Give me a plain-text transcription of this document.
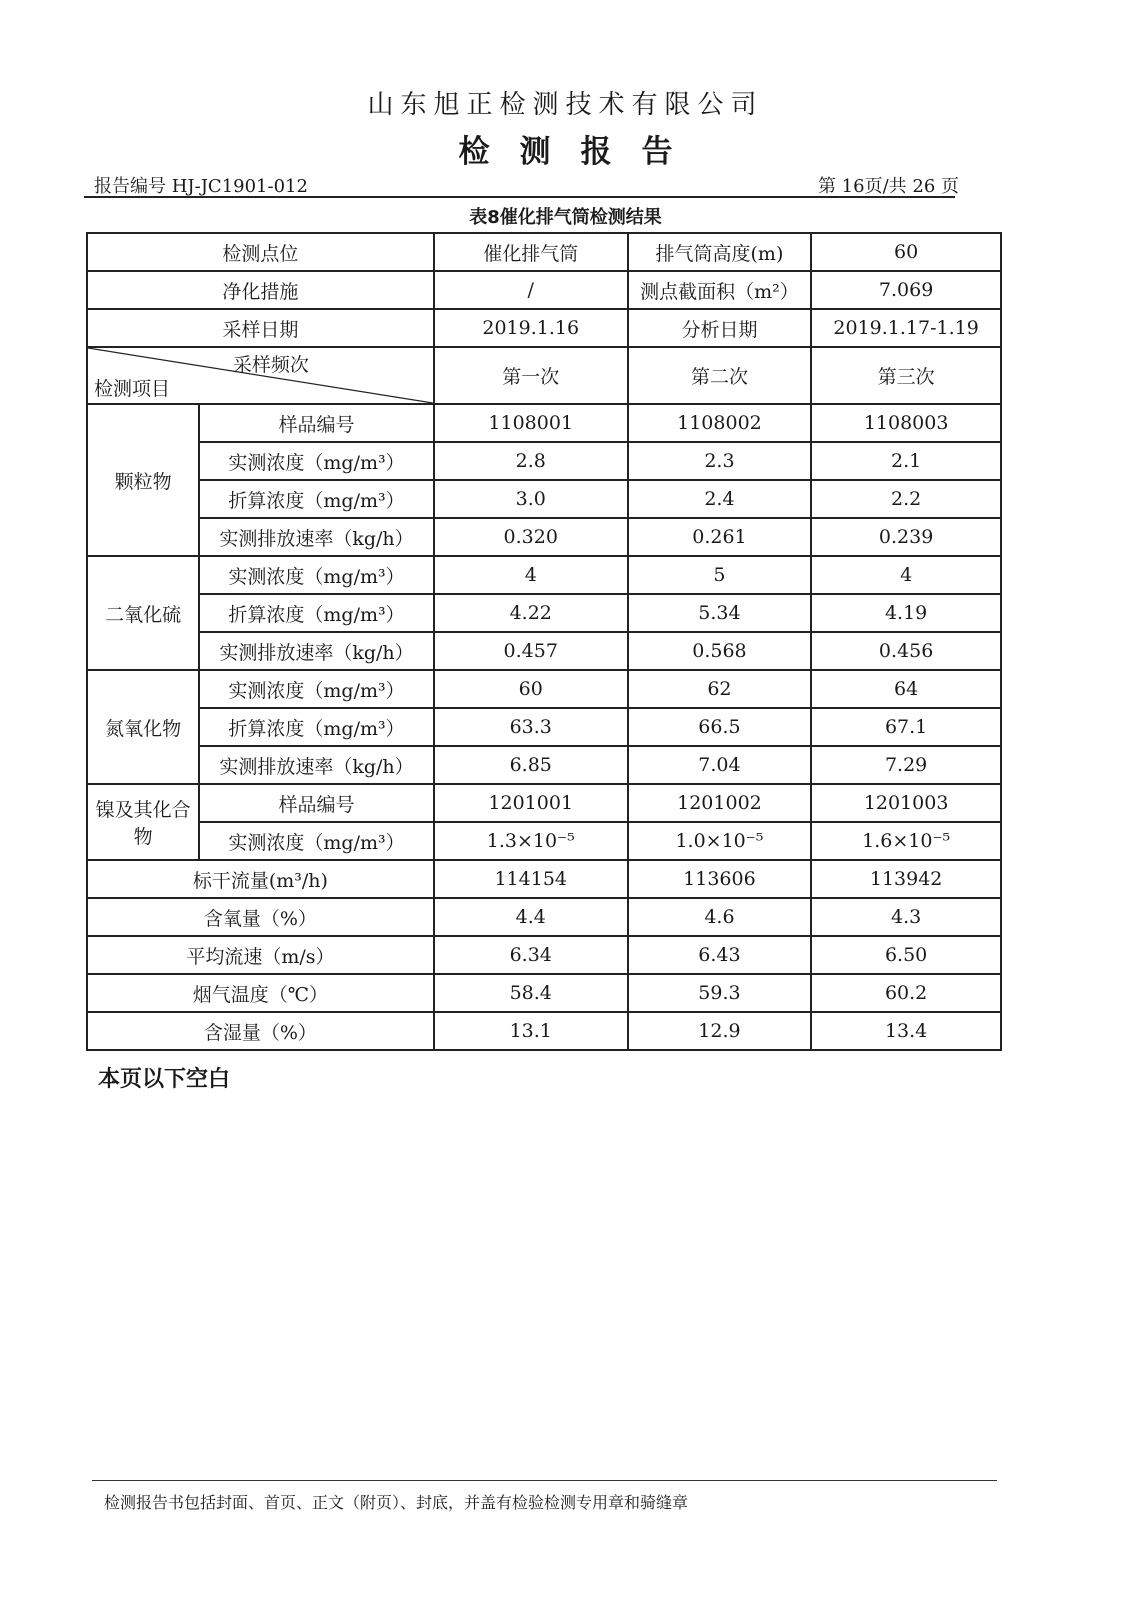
山东旭正检测技术有限公司
检测报告
报告编号 HJ-JC1901-012	第 16页/共 26 页
表8催化排气筒检测结果
检测点位		催化排气筒	排气筒高度(m)	60
净化措施		/	测点截面积（m²）	7.069
采样日期		2019.1.16	分析日期	2019.1.17-1.19

采样频次
检测项目		第一次	第二次	第三次
颗粒物	样品编号	1108001	1108002	1108003
	实测浓度（mg/m³）	2.8	2.3	2.1
	折算浓度（mg/m³）	3.0	2.4	2.2
	实测排放速率（kg/h）	0.320	0.261	0.239
二氧化硫	实测浓度（mg/m³）	4	5	4
	折算浓度（mg/m³）	4.22	5.34	4.19
	实测排放速率（kg/h）	0.457	0.568	0.456
氮氧化物	实测浓度（mg/m³）	60	62	64
	折算浓度（mg/m³）	63.3	66.5	67.1
	实测排放速率（kg/h）	6.85	7.04	7.29
镍及其化合物	样品编号	1201001	1201002	1201003
	实测浓度（mg/m³）	1.3×10⁻⁵	1.0×10⁻⁵	1.6×10⁻⁵
标干流量(m³/h)		114154	113606	113942
含氧量（%）		4.4	4.6	4.3
平均流速（m/s）		6.34	6.43	6.50
烟气温度（℃）		58.4	59.3	60.2
含湿量（%）		13.1	12.9	13.4
本页以下空白
检测报告书包括封面、首页、正文（附页）、封底，并盖有检验检测专用章和骑缝章
